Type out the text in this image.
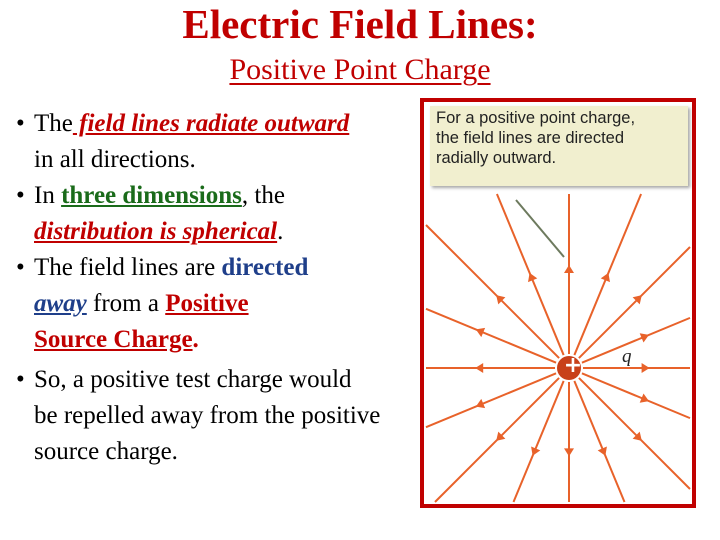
Electric Field Lines:
Positive Point Charge
• The field lines radiate outward
in all directions.
• In three dimensions, the
distribution is spherical.
• The field lines are directed
away from a Positive
Source Charge.
• So, a positive test charge would
be repelled away from the positive
source charge.
For a positive point charge,
the field lines are directed
radially outward.
q
+
